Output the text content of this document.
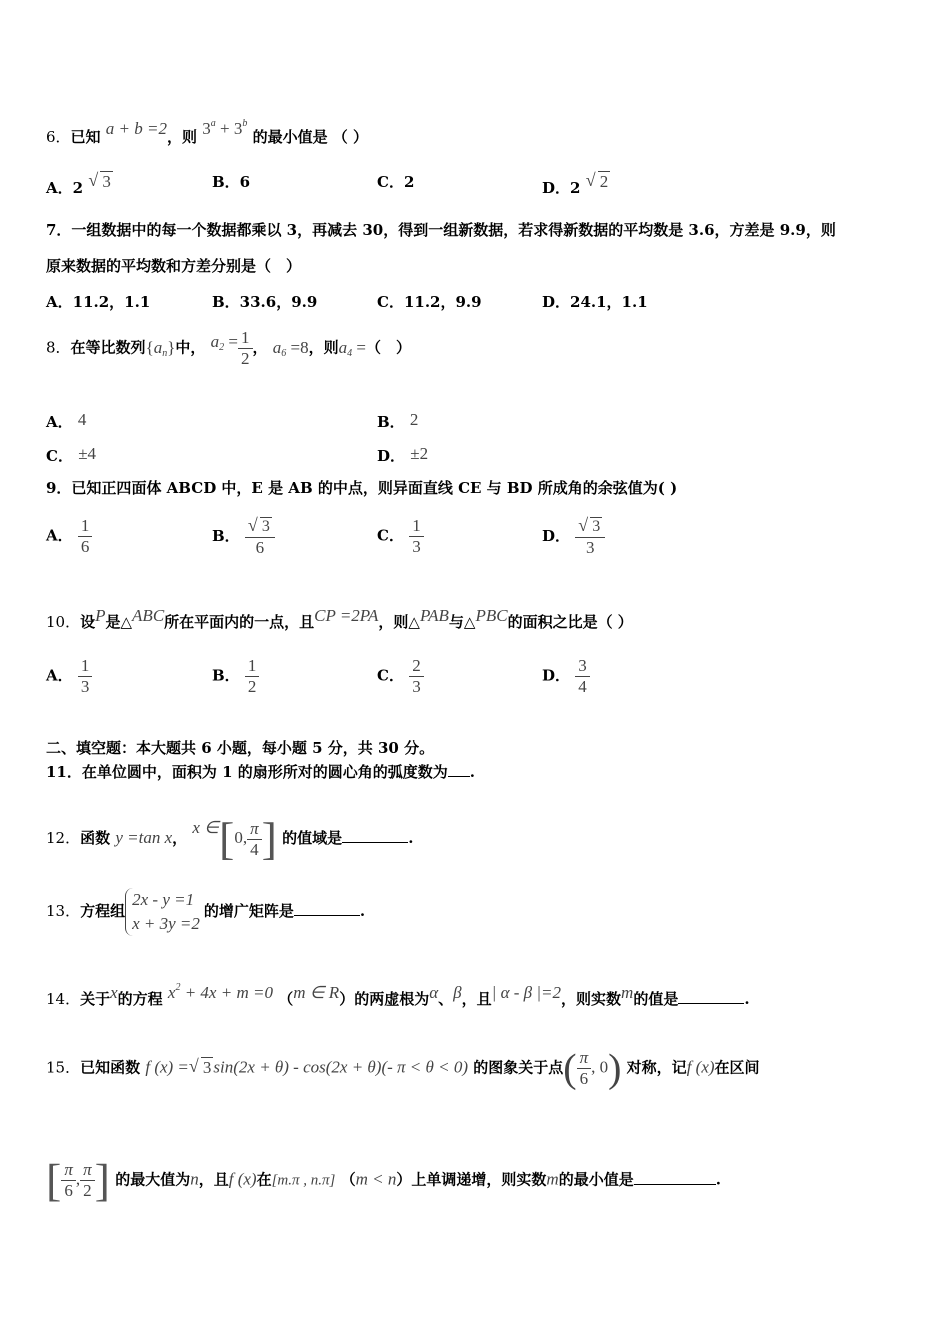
6．已知 a + b =2，则 $3^a + 3^b$ 的最小值是 （ ）
A．2 √ 3	B．6	C．2	D．2 √ 2
7．一组数据中的每一个数据都乘以 3，再减去 30，得到一组新数据，若求得新数据的平均数是 3.6，方差是 9.9，则
原来数据的平均数和方差分别是（　）
A．11.2，1.1	B．33.6，9.9	C．11.2，9.9	D．24.1，1.1
8．在等比数列$\{a_n\}$中， $a_2 = \frac{1}{2}$ ， $a_6 =8$，则$a_4$ =（　）
A． 4	B． 2
C． ±4	D． ±2
9．已知正四面体 ABCD 中，E 是 AB 的中点，则异面直线 CE 与 BD 所成角的余弦值为( )
A． $\frac{1}{6}$	B． √ $\frac{3}{6}$	C． $\frac{1}{3}$	D． √ $\frac{3}{3}$
10．设P是△ABC所在平面内的一点，且CP =2PA，则△PAB与△PBC的面积之比是（ ）
A． $\frac{1}{3}$	B． $\frac{1}{2}$	C． $\frac{2}{3}$	D． $\frac{3}{4}$
二、填空题：本大题共 6 小题，每小题 5 分，共 30 分。
11．在单位圆中，面积为 1 的扇形所对的圆心角的弧度数为 .
12．函数 y =tan x， x ∈[0, $\frac{\pi}{4}$ ] 的值域是	.
13．方程组
2x - y =1
x + 3y =2
的增广矩阵是	.
14．关于x的方程 $x^2 + 4x + m =0$ （m ∈ R）的两虚根为α、β，且| α - β |=2，则实数m的值是	.
15．已知函数 f (x) = √ 3 sin(2x + θ) - cos(2x + θ)(- π < θ < 0) 的图象关于点( $\frac{\pi}{6}$ , 0) 对称，记f (x)在区间
[ $\frac{\pi}{6}$ , $\frac{\pi}{2}$ ] 的最大值为n，且f (x)在[m.π , n.π] （m < n）上单调递增，则实数m的最小值是	.
